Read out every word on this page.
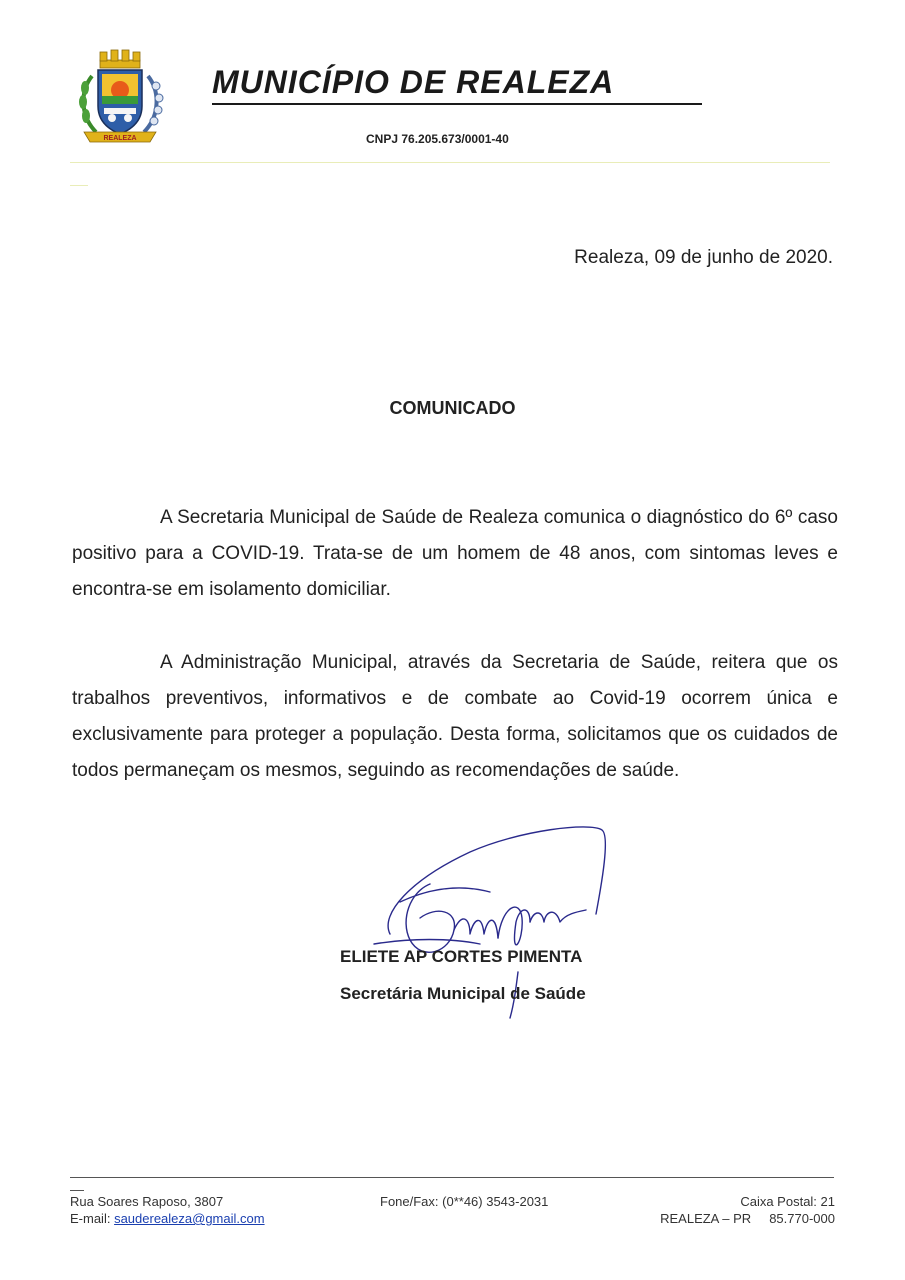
REALEZA
MUNICÍPIO DE REALEZA
CNPJ 76.205.673/0001-40
Realeza, 09 de junho de 2020.
COMUNICADO

A Secretaria Municipal de Saúde de Realeza comunica o diagnóstico do 6º caso positivo para a COVID-19. Trata-se de um homem de 48 anos, com sintomas leves e encontra-se em isolamento domiciliar.

A Administração Municipal, através da Secretaria de Saúde, reitera que os trabalhos preventivos, informativos e de combate ao Covid-19 ocorrem única e exclusivamente para proteger a população. Desta forma, solicitamos que os cuidados de todos permaneçam os mesmos, seguindo as recomendações de saúde.

ELIETE AP CORTES PIMENTA
Secretária Municipal de Saúde
Rua Soares Raposo, 3807
E-mail: sauderealeza@gmail.com
Fone/Fax: (0**46) 3543-2031	Caixa Postal: 21
REALEZA – PR     85.770-000
